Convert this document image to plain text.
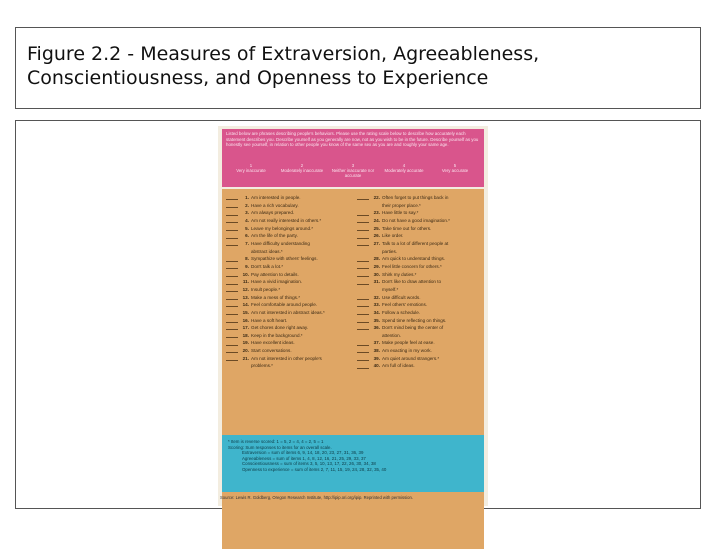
Figure 2.2 - Measures of Extraversion, Agreeableness, Conscientiousness, and Openness to Experience
Listed below are phrases describing people's behaviors. Please use the rating scale below to describe how accurately each statement describes you. Describe yourself as you generally are now, not as you wish to be in the future. Describe yourself as you honestly see yourself, in relation to other people you know of the same sex as you are and roughly your same age.
1
Very inaccurate
2
Moderately inaccurate
3
Neither inaccurate nor accurate
4
Moderately accurate
5
Very accurate
1. Am interested in people.
2. Have a rich vocabulary.
3. Am always prepared.
4. Am not really interested in others.*
5. Leave my belongings around.*
6. Am the life of the party.
7. Have difficulty understanding
abstract ideas.*
8. Sympathize with others' feelings.
9. Don't talk a lot.*
10. Pay attention to details.
11. Have a vivid imagination.
12. Insult people.*
13. Make a mess of things.*
14. Feel comfortable around people.
15. Am not interested in abstract ideas.*
16. Have a soft heart.
17. Get chores done right away.
18. Keep in the background.*
19. Have excellent ideas.
20. Start conversations.
21. Am not interested in other people's
problems.*
22. Often forget to put things back in
their proper place.*
23. Have little to say.*
24. Do not have a good imagination.*
25. Take time out for others.
26. Like order.
27. Talk to a lot of different people at
parties.
28. Am quick to understand things.
29. Feel little concern for others.*
30. Shirk my duties.*
31. Don't like to draw attention to
myself.*
32. Use difficult words.
33. Feel others' emotions.
34. Follow a schedule.
35. Spend time reflecting on things.
36. Don't mind being the center of
attention.
37. Make people feel at ease.
38. Am exacting in my work.
39. Am quiet around strangers.*
40. Am full of ideas.
* Item is reverse scored: 1 = 5, 2 = 4, 4 = 2, 5 = 1
Scoring: Sum responses to items for an overall scale.
Extraversion = sum of items 6, 9, 14, 18, 20, 23, 27, 31, 36, 39
Agreeableness = sum of items 1, 4, 8, 12, 16, 21, 25, 29, 33, 37
Conscientiousness = sum of items 3, 5, 10, 13, 17, 22, 26, 30, 34, 38
Openness to experience = sum of items 2, 7, 11, 15, 19, 24, 28, 32, 35, 40
Source: Lewis R. Goldberg, Oregon Research Institute, http://ipip.ori.org/ipip. Reprinted with permission.
